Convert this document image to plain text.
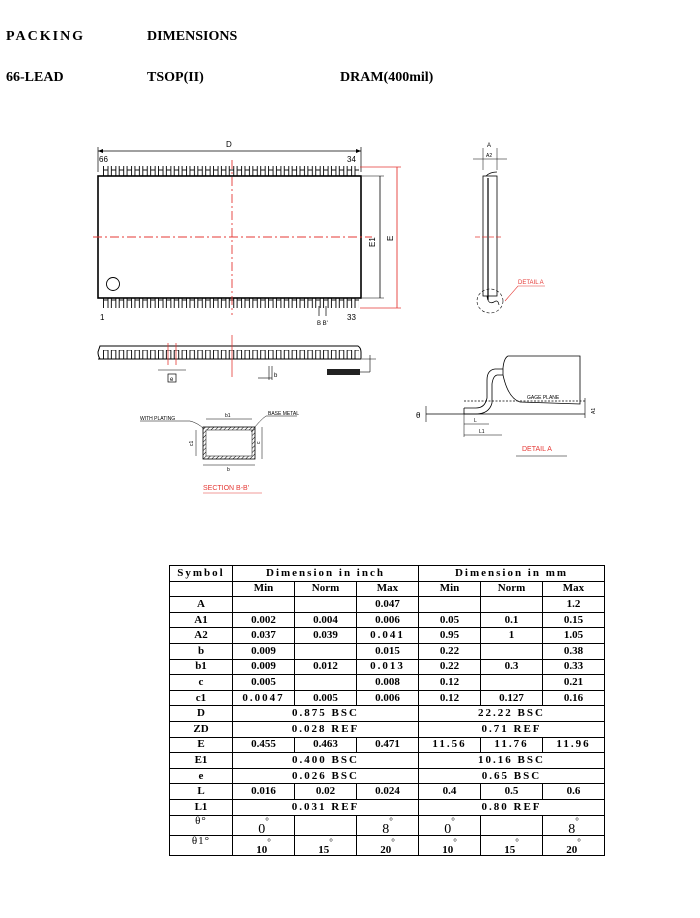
PACKING	DIMENSIONS
66-LEAD	TSOP(II)	DRAM(400mil)
D
66	34
1	33
B B'
E1 E
e
b
WITH PLATING
BASE METAL
b1
b
c1	c
SECTION B-B'
A
A2
DETAIL A
GAGE PLANE
A1
θ
L
L1
DETAIL A
Symbol	Dimension in inch			Dimension in mm		
	Min	Norm	Max	Min	Norm	Max
A			0.047			1.2
A1	0.002	0.004	0.006	0.05	0.1	0.15
A2	0.037	0.039	0.041	0.95	1	1.05
b	0.009		0.015	0.22		0.38
b1	0.009	0.012	0.013	0.22	0.3	0.33
c	0.005		0.008	0.12		0.21
c1	0.0047	0.005	0.006	0.12	0.127	0.16
D	0.875 BSC			22.22 BSC		
ZD	0.028 REF			0.71 REF		
E	0.455	0.463	0.471	11.56	11.76	11.96
E1	0.400 BSC			10.16 BSC		
e	0.026 BSC			0.65 BSC		
L	0.016	0.02	0.024	0.4	0.5	0.6
L1	0.031 REF			0.80 REF		
θ°	0°		8°	0°		8°
θ1°	10°	15°	20°	10°	15°	20°
